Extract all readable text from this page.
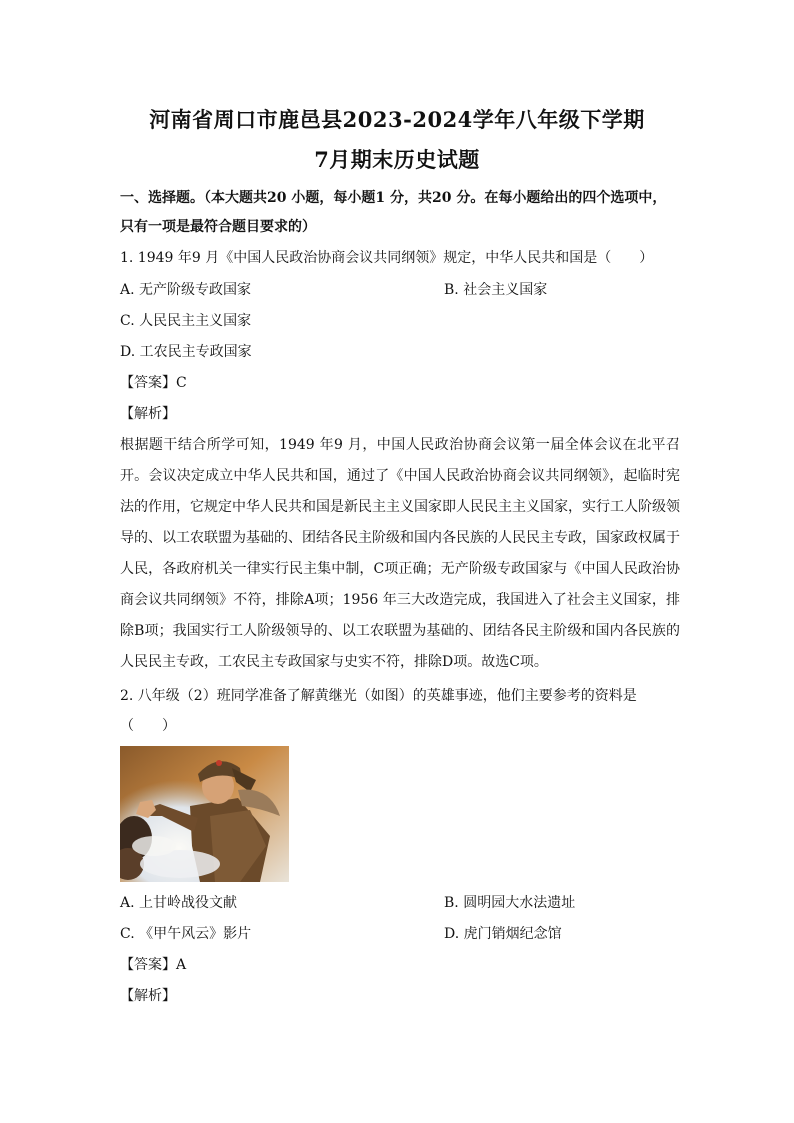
河南省周口市鹿邑县2023-2024学年八年级下学期
7月期末历史试题
一、选择题。（本大题共20 小题，每小题1 分，共20 分。在每小题给出的四个选项中，
只有一项是最符合题目要求的）
1. 1949 年9 月《中国人民政治协商会议共同纲领》规定，中华人民共和国是（　　）
A. 无产阶级专政国家	B. 社会主义国家
C. 人民民主主义国家
D. 工农民主专政国家
【答案】C
【解析】
根据题干结合所学可知，1949 年9 月，中国人民政治协商会议第一届全体会议在北平召开。会议决定成立中华人民共和国，通过了《中国人民政治协商会议共同纲领》，起临时宪法的作用，它规定中华人民共和国是新民主主义国家即人民民主主义国家，实行工人阶级领导的、以工农联盟为基础的、团结各民主阶级和国内各民族的人民民主专政，国家政权属于人民，各政府机关一律实行民主集中制，C项正确；无产阶级专政国家与《中国人民政治协商会议共同纲领》不符，排除A项；1956 年三大改造完成，我国进入了社会主义国家，排除B项；我国实行工人阶级领导的、以工农联盟为基础的、团结各民主阶级和国内各民族的人民民主专政，工农民主专政国家与史实不符，排除D项。故选C项。
2. 八年级（2）班同学准备了解黄继光（如图）的英雄事迹，他们主要参考的资料是
（　　）
A. 上甘岭战役文献	B. 圆明园大水法遗址
C. 《甲午风云》影片	D. 虎门销烟纪念馆
【答案】A
【解析】
